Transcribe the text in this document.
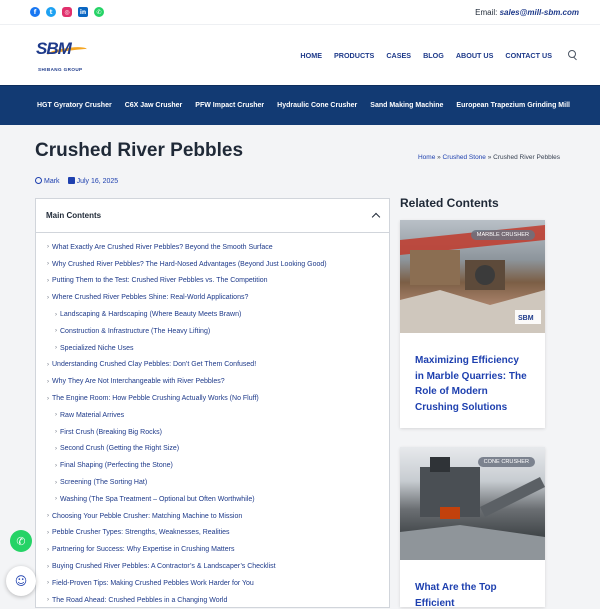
f	t	◎	in	✆	Email: sales@mill-sbm.com
SBM
SHIBANG GROUP
HOME PRODUCTS CASES BLOG ABOUT US CONTACT US
HGT Gyratory Crusher C6X Jaw Crusher PFW Impact Crusher Hydraulic Cone Crusher Sand Making Machine European Trapezium Grinding Mill
Crushed River Pebbles	Home » Crushed Stone » Crushed River Pebbles
Mark	July 16, 2025
Main Contents
› What Exactly Are Crushed River Pebbles? Beyond the Smooth Surface
› Why Crushed River Pebbles? The Hard-Nosed Advantages (Beyond Just Looking Good)
› Putting Them to the Test: Crushed River Pebbles vs. The Competition
› Where Crushed River Pebbles Shine: Real-World Applications?
› Landscaping & Hardscaping (Where Beauty Meets Brawn)
› Construction & Infrastructure (The Heavy Lifting)
› Specialized Niche Uses
› Understanding Crushed Clay Pebbles: Don’t Get Them Confused!
› Why They Are Not Interchangeable with River Pebbles?
› The Engine Room: How Pebble Crushing Actually Works (No Fluff)
› Raw Material Arrives
› First Crush (Breaking Big Rocks)
› Second Crush (Getting the Right Size)
› Final Shaping (Perfecting the Stone)
› Screening (The Sorting Hat)
› Washing (The Spa Treatment – Optional but Often Worthwhile)
› Choosing Your Pebble Crusher: Matching Machine to Mission
› Pebble Crusher Types: Strengths, Weaknesses, Realities
› Partnering for Success: Why Expertise in Crushing Matters
› Buying Crushed River Pebbles: A Contractor’s & Landscaper’s Checklist
› Field-Proven Tips: Making Crushed Pebbles Work Harder for You
› The Road Ahead: Crushed Pebbles in a Changing World
Related Contents
SBM
MARBLE CRUSHER
Maximizing Efficiency in Marble Quarries: The Role of Modern Crushing Solutions
CONE CRUSHER
What Are the Top Efficient
✆
☺
